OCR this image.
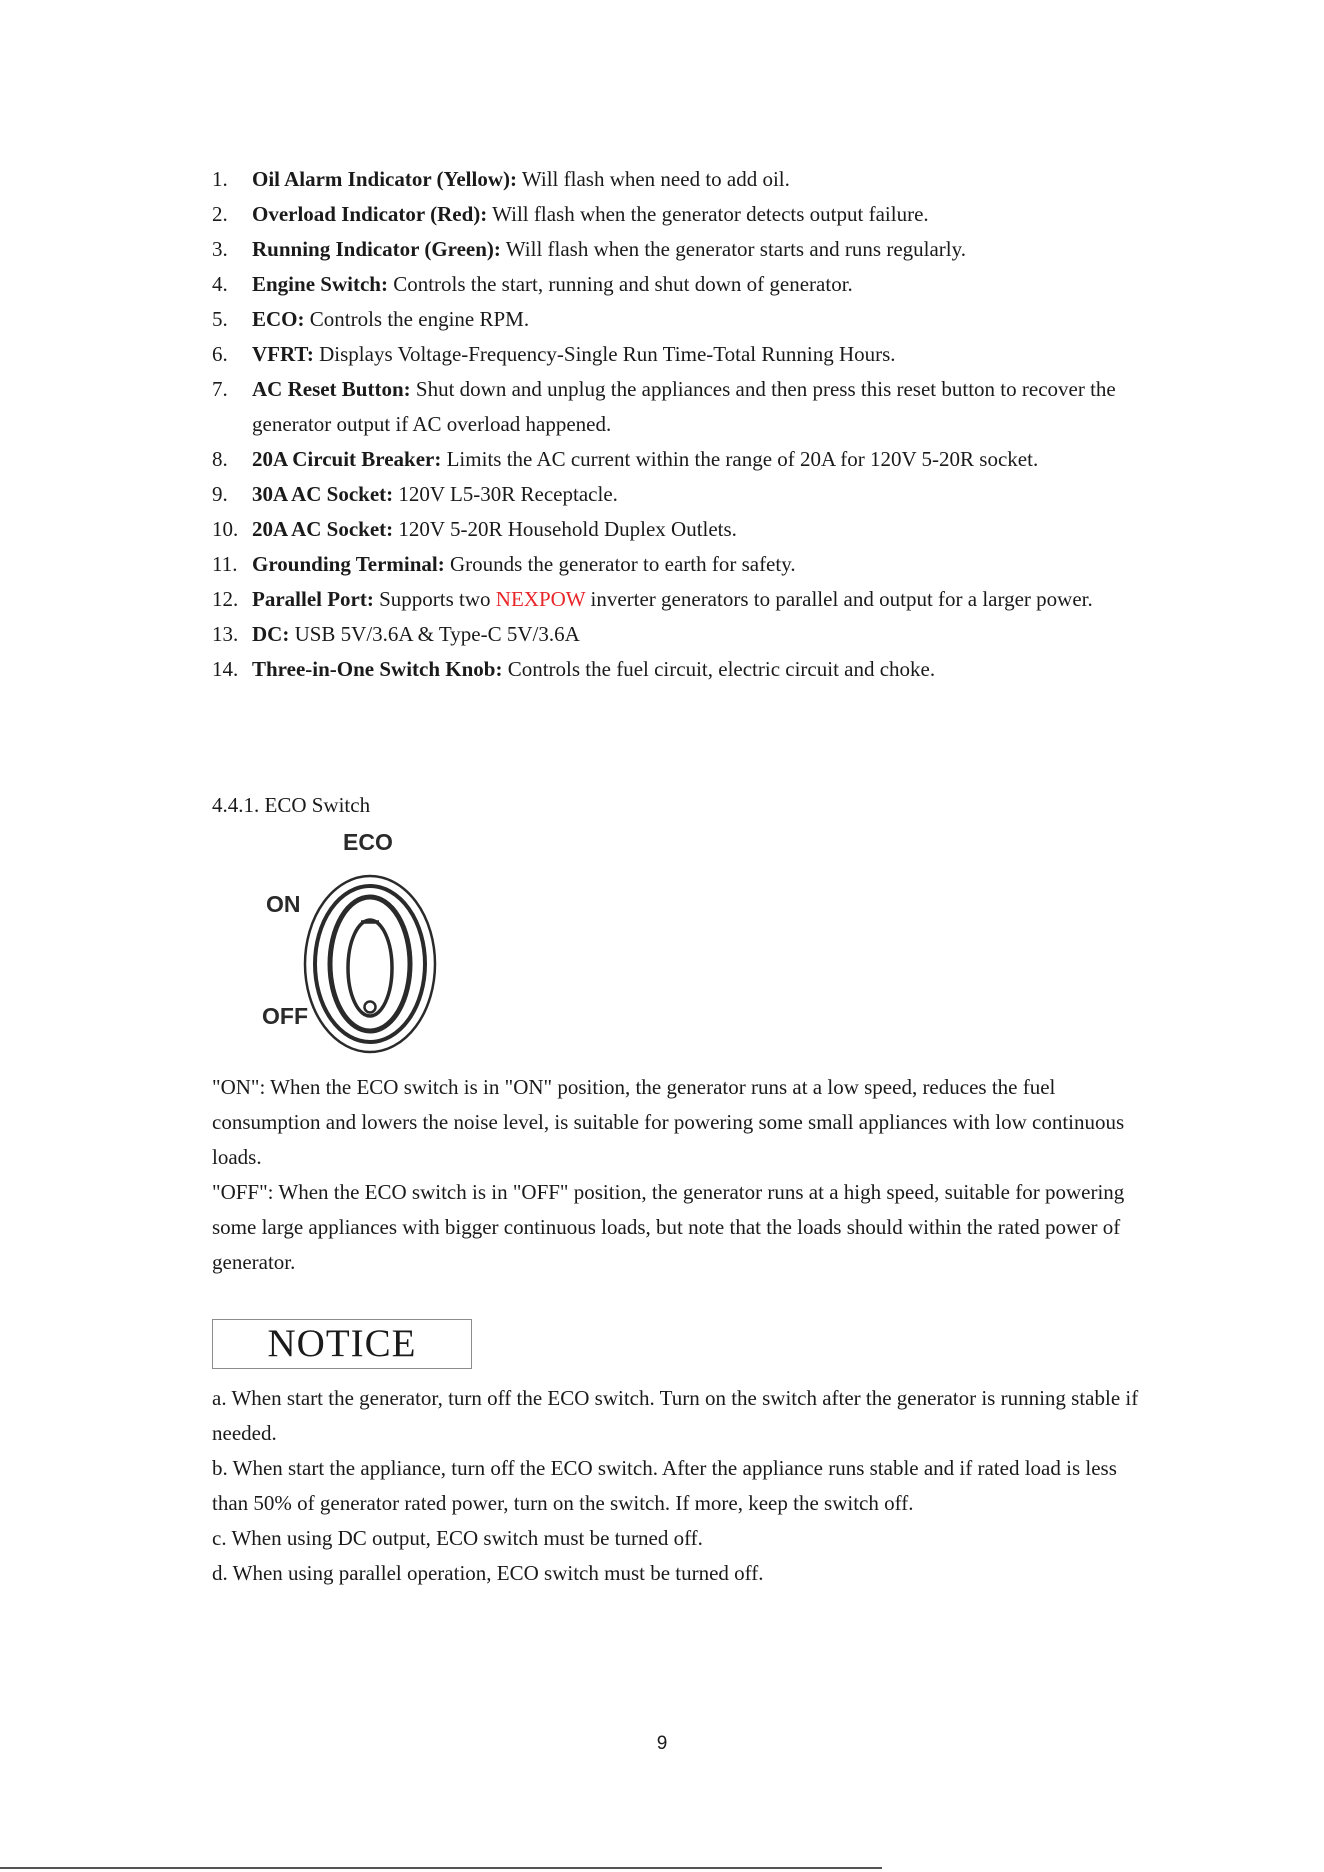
1.	Oil Alarm Indicator (Yellow): Will flash when need to add oil.
2.	Overload Indicator (Red): Will flash when the generator detects output failure.
3.	Running Indicator (Green): Will flash when the generator starts and runs regularly.
4.	Engine Switch: Controls the start, running and shut down of generator.
5.	ECO: Controls the engine RPM.
6.	VFRT: Displays Voltage-Frequency-Single Run Time-Total Running Hours.
7.	AC Reset Button: Shut down and unplug the appliances and then press this reset button to recover the generator output if AC overload happened.
8.	20A Circuit Breaker: Limits the AC current within the range of 20A for 120V 5-20R socket.
9.	30A AC Socket: 120V L5-30R Receptacle.
10. 20A AC Socket: 120V 5-20R Household Duplex Outlets.
11. Grounding Terminal: Grounds the generator to earth for safety.
12. Parallel Port: Supports two NEXPOW inverter generators to parallel and output for a larger power.
13. DC: USB 5V/3.6A & Type-C 5V/3.6A
14. Three-in-One Switch Knob: Controls the fuel circuit, electric circuit and choke.
4.4.1. ECO Switch
ECO
ON
OFF

"ON": When the ECO switch is in "ON" position, the generator runs at a low speed, reduces the fuel consumption and lowers the noise level, is suitable for powering some small appliances with low continuous loads.

"OFF": When the ECO switch is in "OFF" position, the generator runs at a high speed, suitable for powering some large appliances with bigger continuous loads, but note that the loads should within the rated power of generator.

NOTICE

a. When start the generator, turn off the ECO switch. Turn on the switch after the generator is running stable if needed.

b. When start the appliance, turn off the ECO switch. After the appliance runs stable and if rated load is less than 50% of generator rated power, turn on the switch. If more, keep the switch off.

c. When using DC output, ECO switch must be turned off.

d. When using parallel operation, ECO switch must be turned off.

9
